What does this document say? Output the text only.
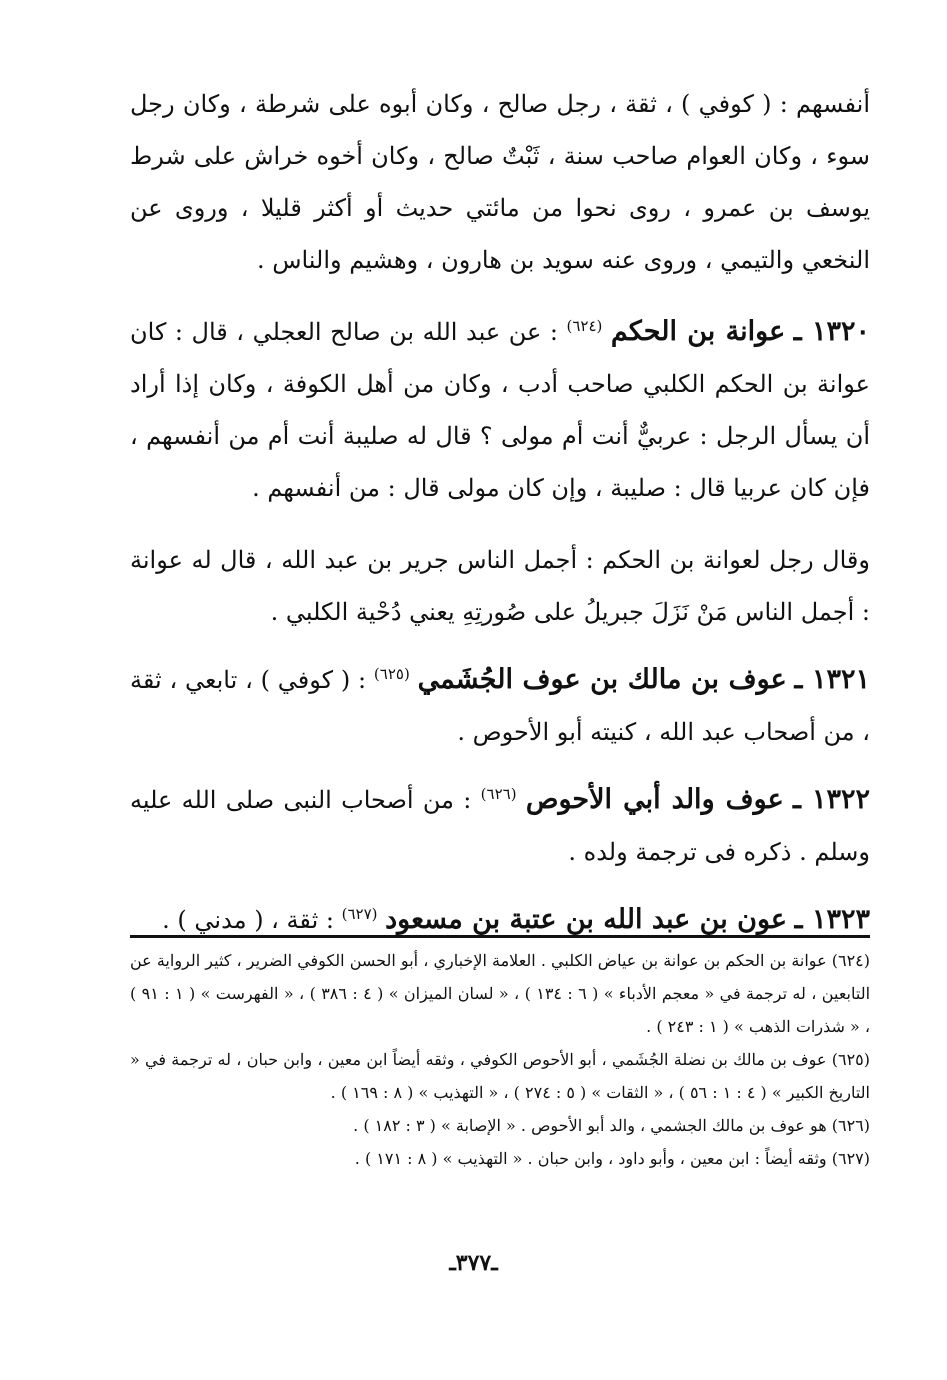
أنفسهم : ( كوفي ) ، ثقة ، رجل صالح ، وكان أبوه على شرطة ، وكان رجل سوء ، وكان العوام صاحب سنة ، ثَبْتٌ صالح ، وكان أخوه خراش على شرط يوسف بن عمرو ، روى نحوا من مائتي حديث أو أكثر قليلا ، وروى عن النخعي والتيمي ، وروى عنه سويد بن هارون ، وهشيم والناس .

١٣٢٠ ـ عوانة بن الحكم $^{(٦٢٤)}$ : عن عبد الله بن صالح العجلي ، قال : كان عوانة بن الحكم الكلبي صاحب أدب ، وكان من أهل الكوفة ، وكان إذا أراد أن يسأل الرجل : عربيٌّ أنت أم مولى ؟ قال له صليبة أنت أم من أنفسهم ، فإن كان عربيا قال : صليبة ، وإن كان مولى قال : من أنفسهم .

وقال رجل لعوانة بن الحكم : أجمل الناس جرير بن عبد الله ، قال له عوانة : أجمل الناس مَنْ نَزَلَ جبريلُ على صُورتِهِ يعني دُحْية الكلبي .

١٣٢١ ـ عوف بن مالك بن عوف الجُشَمي $^{(٦٢٥)}$ : ( كوفي ) ، تابعي ، ثقة ، من أصحاب عبد الله ، كنيته أبو الأحوص .

١٣٢٢ ـ عوف والد أبي الأحوص $^{(٦٢٦)}$ : من أصحاب النبى صلى الله عليه وسلم . ذكره فى ترجمة ولده .

١٣٢٣ ـ عون بن عبد الله بن عتبة بن مسعود $^{(٦٢٧)}$ : ثقة ، ( مدني ) .

(٦٢٤) عوانة بن الحكم بن عوانة بن عياض الكلبي . العلامة الإخباري ، أبو الحسن الكوفي الضرير ، كثير الرواية عن التابعين ، له ترجمة في « معجم الأدباء » ( ٦ : ١٣٤ ) ، « لسان الميزان » ( ٤ : ٣٨٦ ) ، « الفهرست » ( ١ : ٩١ ) ، « شذرات الذهب » ( ١ : ٢٤٣ ) .

(٦٢٥) عوف بن مالك بن نضلة الجُشَمي ، أبو الأحوص الكوفي ، وثقه أيضاً ابن معين ، وابن حبان ، له ترجمة في « التاريخ الكبير » ( ٤ : ١ : ٥٦ ) ، « الثقات » ( ٥ : ٢٧٤ ) ، « التهذيب » ( ٨ : ١٦٩ ) .

(٦٢٦) هو عوف بن مالك الجشمي ، والد أبو الأحوص . « الإصابة » ( ٣ : ١٨٢ ) .

(٦٢٧) وثقه أيضاً : ابن معين ، وأبو داود ، وابن حبان . « التهذيب » ( ٨ : ١٧١ ) .

ـ٣٧٧ـ
